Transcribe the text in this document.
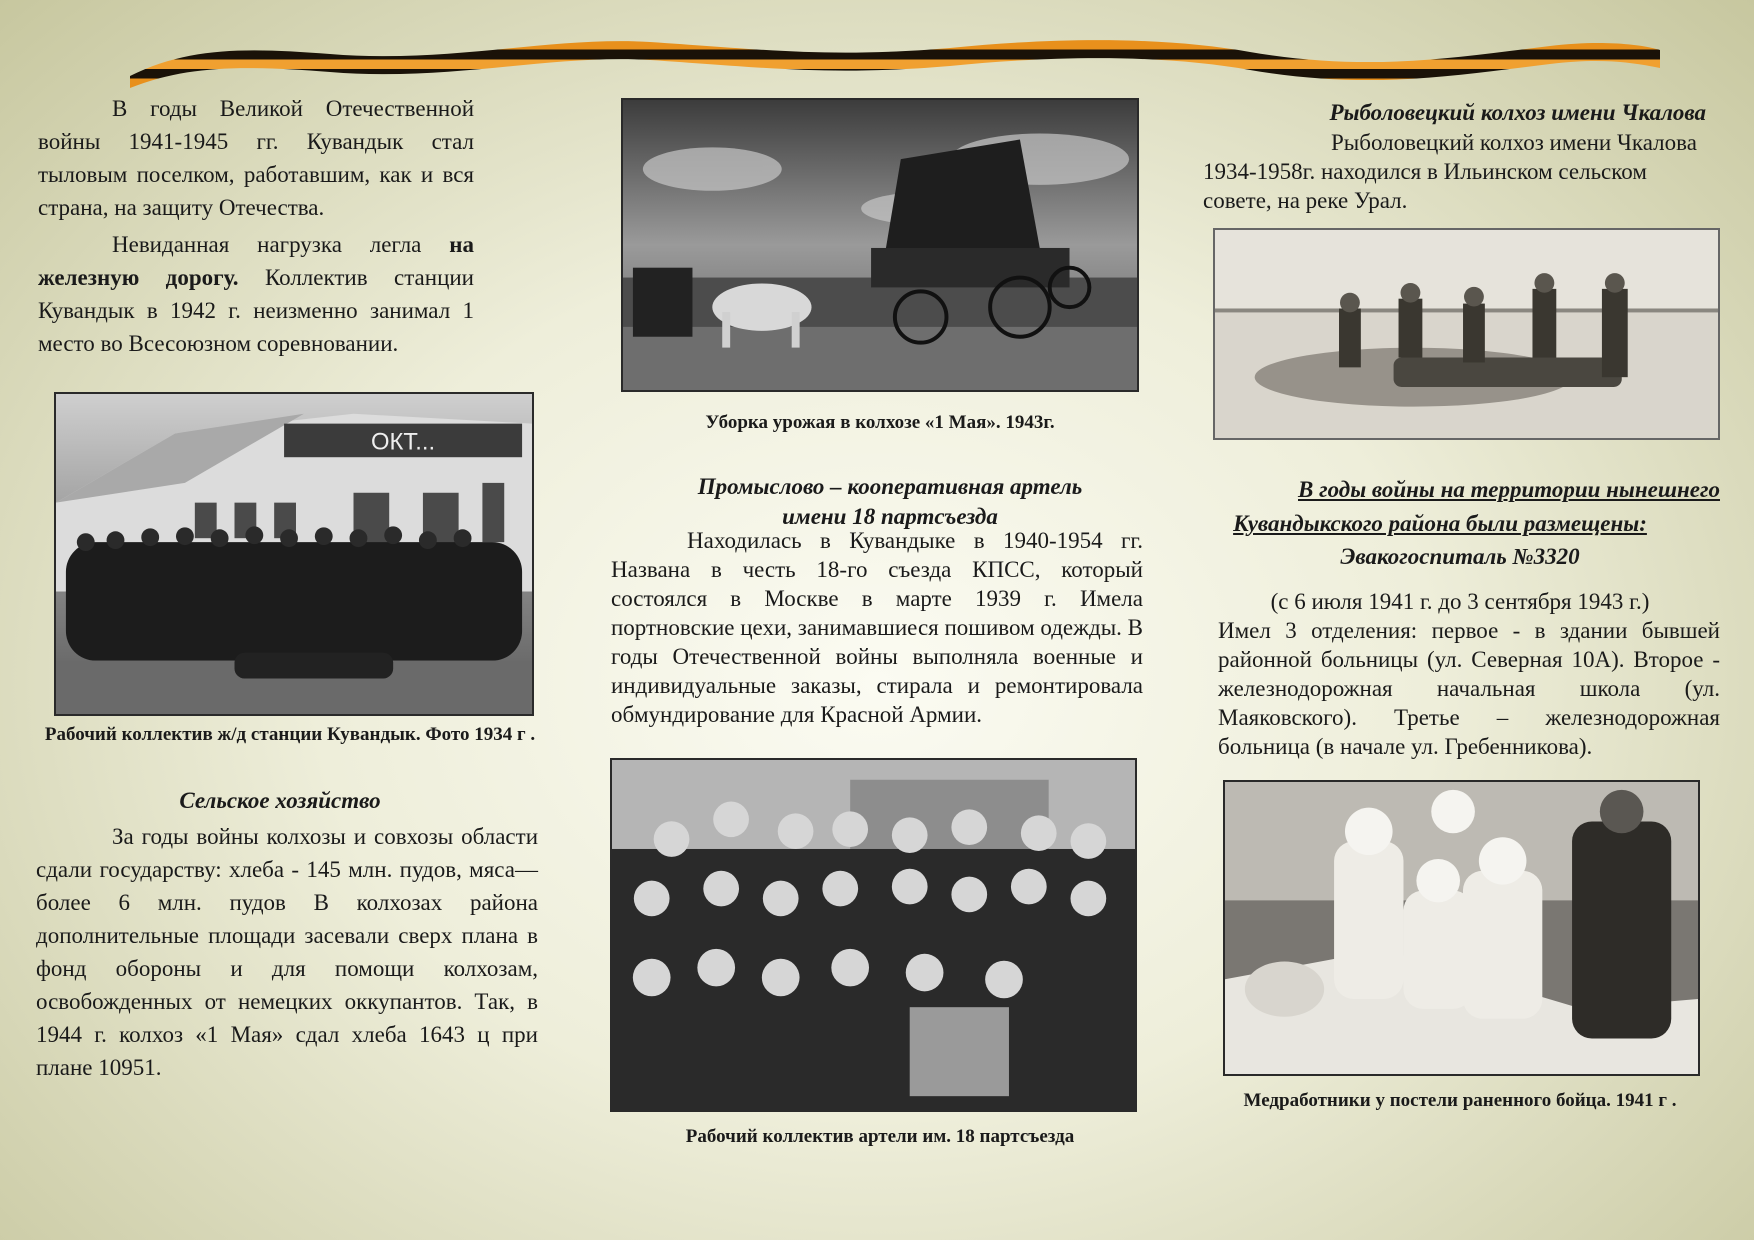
В годы Великой Отечественной войны 1941-1945 гг. Кувандык стал тыловым поселком, работавшим, как и вся страна, на защиту Отечества.

Невиданная нагрузка легла на железную дорогу. Коллектив станции Кувандык в 1942 г. неизменно занимал 1 место во Всесоюзном соревновании.

ОКТ...
Рабочий коллектив ж/д станции Кувандык. Фото 1934 г .
Сельское хозяйство

За годы войны колхозы и совхозы области сдали государству: хлеба - 145 млн. пудов, мяса—более 6 млн. пудов В колхозах района дополнительные площади засевали сверх плана в фонд обороны и для помощи колхозам, освобожденных от немецких оккупантов. Так, в 1944 г. колхоз «1 Мая» сдал хлеба 1643 ц при плане 10951.

Уборка урожая в колхозе «1 Мая». 1943г.
Промыслово – кооперативная артель
имени 18 партсъезда

Находилась в Кувандыке в 1940-1954 гг. Названа в честь 18-го съезда КПСС, который состоялся в Москве в марте 1939 г. Имела портновские цехи, занимавшиеся пошивом одежды. В годы Отечественной войны выполняла военные и индивидуальные заказы, стирала и ремонтировала обмундирование для Красной Армии.

Рабочий коллектив артели им. 18 партсъезда
Рыболовецкий колхоз имени Чкалова

Рыболовецкий колхоз имени Чкалова 1934-1958г. находился в Ильинском сельском совете, на реке Урал.

В годы войны на территории нынешнего
Кувандыкского района были размещены:
Эвакогоспиталь №3320
(с 6 июля 1941 г. до 3 сентября 1943 г.)

Имел 3 отделения: первое - в здании бывшей районной больницы (ул. Северная 10А). Второе - железнодорожная начальная школа (ул. Маяковского). Третье – железнодорожная больница (в начале ул. Гребенникова).

Медработники у постели раненного бойца. 1941 г .
